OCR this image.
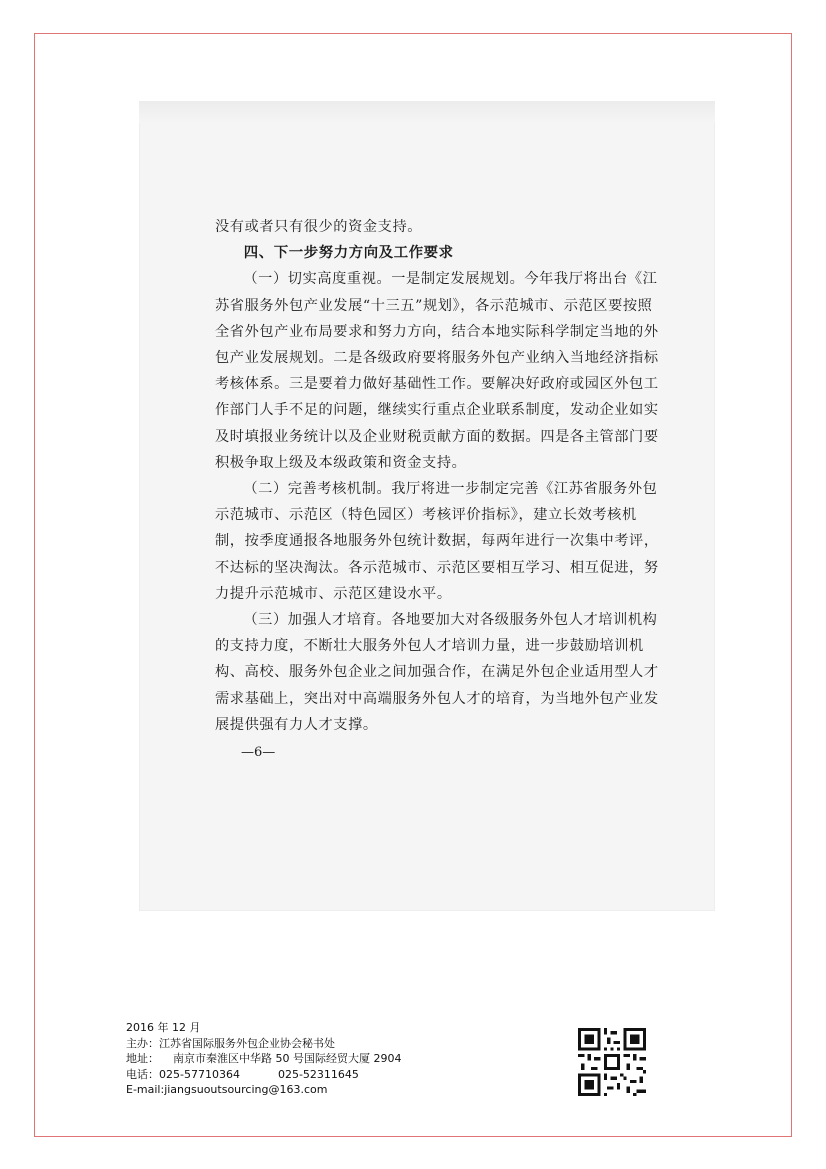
没有或者只有很少的资金支持。

四、下一步努力方向及工作要求

（一）切实高度重视。一是制定发展规划。今年我厅将出台《江苏省服务外包产业发展“十三五”规划》，各示范城市、示范区要按照全省外包产业布局要求和努力方向，结合本地实际科学制定当地的外包产业发展规划。二是各级政府要将服务外包产业纳入当地经济指标考核体系。三是要着力做好基础性工作。要解决好政府或园区外包工作部门人手不足的问题，继续实行重点企业联系制度，发动企业如实及时填报业务统计以及企业财税贡献方面的数据。四是各主管部门要积极争取上级及本级政策和资金支持。

（二）完善考核机制。我厅将进一步制定完善《江苏省服务外包示范城市、示范区（特色园区）考核评价指标》，建立长效考核机制，按季度通报各地服务外包统计数据，每两年进行一次集中考评，不达标的坚决淘汰。各示范城市、示范区要相互学习、相互促进，努力提升示范城市、示范区建设水平。

（三）加强人才培育。各地要加大对各级服务外包人才培训机构的支持力度，不断壮大服务外包人才培训力量，进一步鼓励培训机构、高校、服务外包企业之间加强合作，在满足外包企业适用型人才需求基础上，突出对中高端服务外包人才的培育，为当地外包产业发展提供强有力人才支撑。

—6—

2016 年 12 月
主办：江苏省国际服务外包企业协会秘书处
地址： 南京市秦淮区中华路 50 号国际经贸大厦 2904
电话：025-57710364	025-52311645
E-mail:jiangsuoutsourcing@163.com
